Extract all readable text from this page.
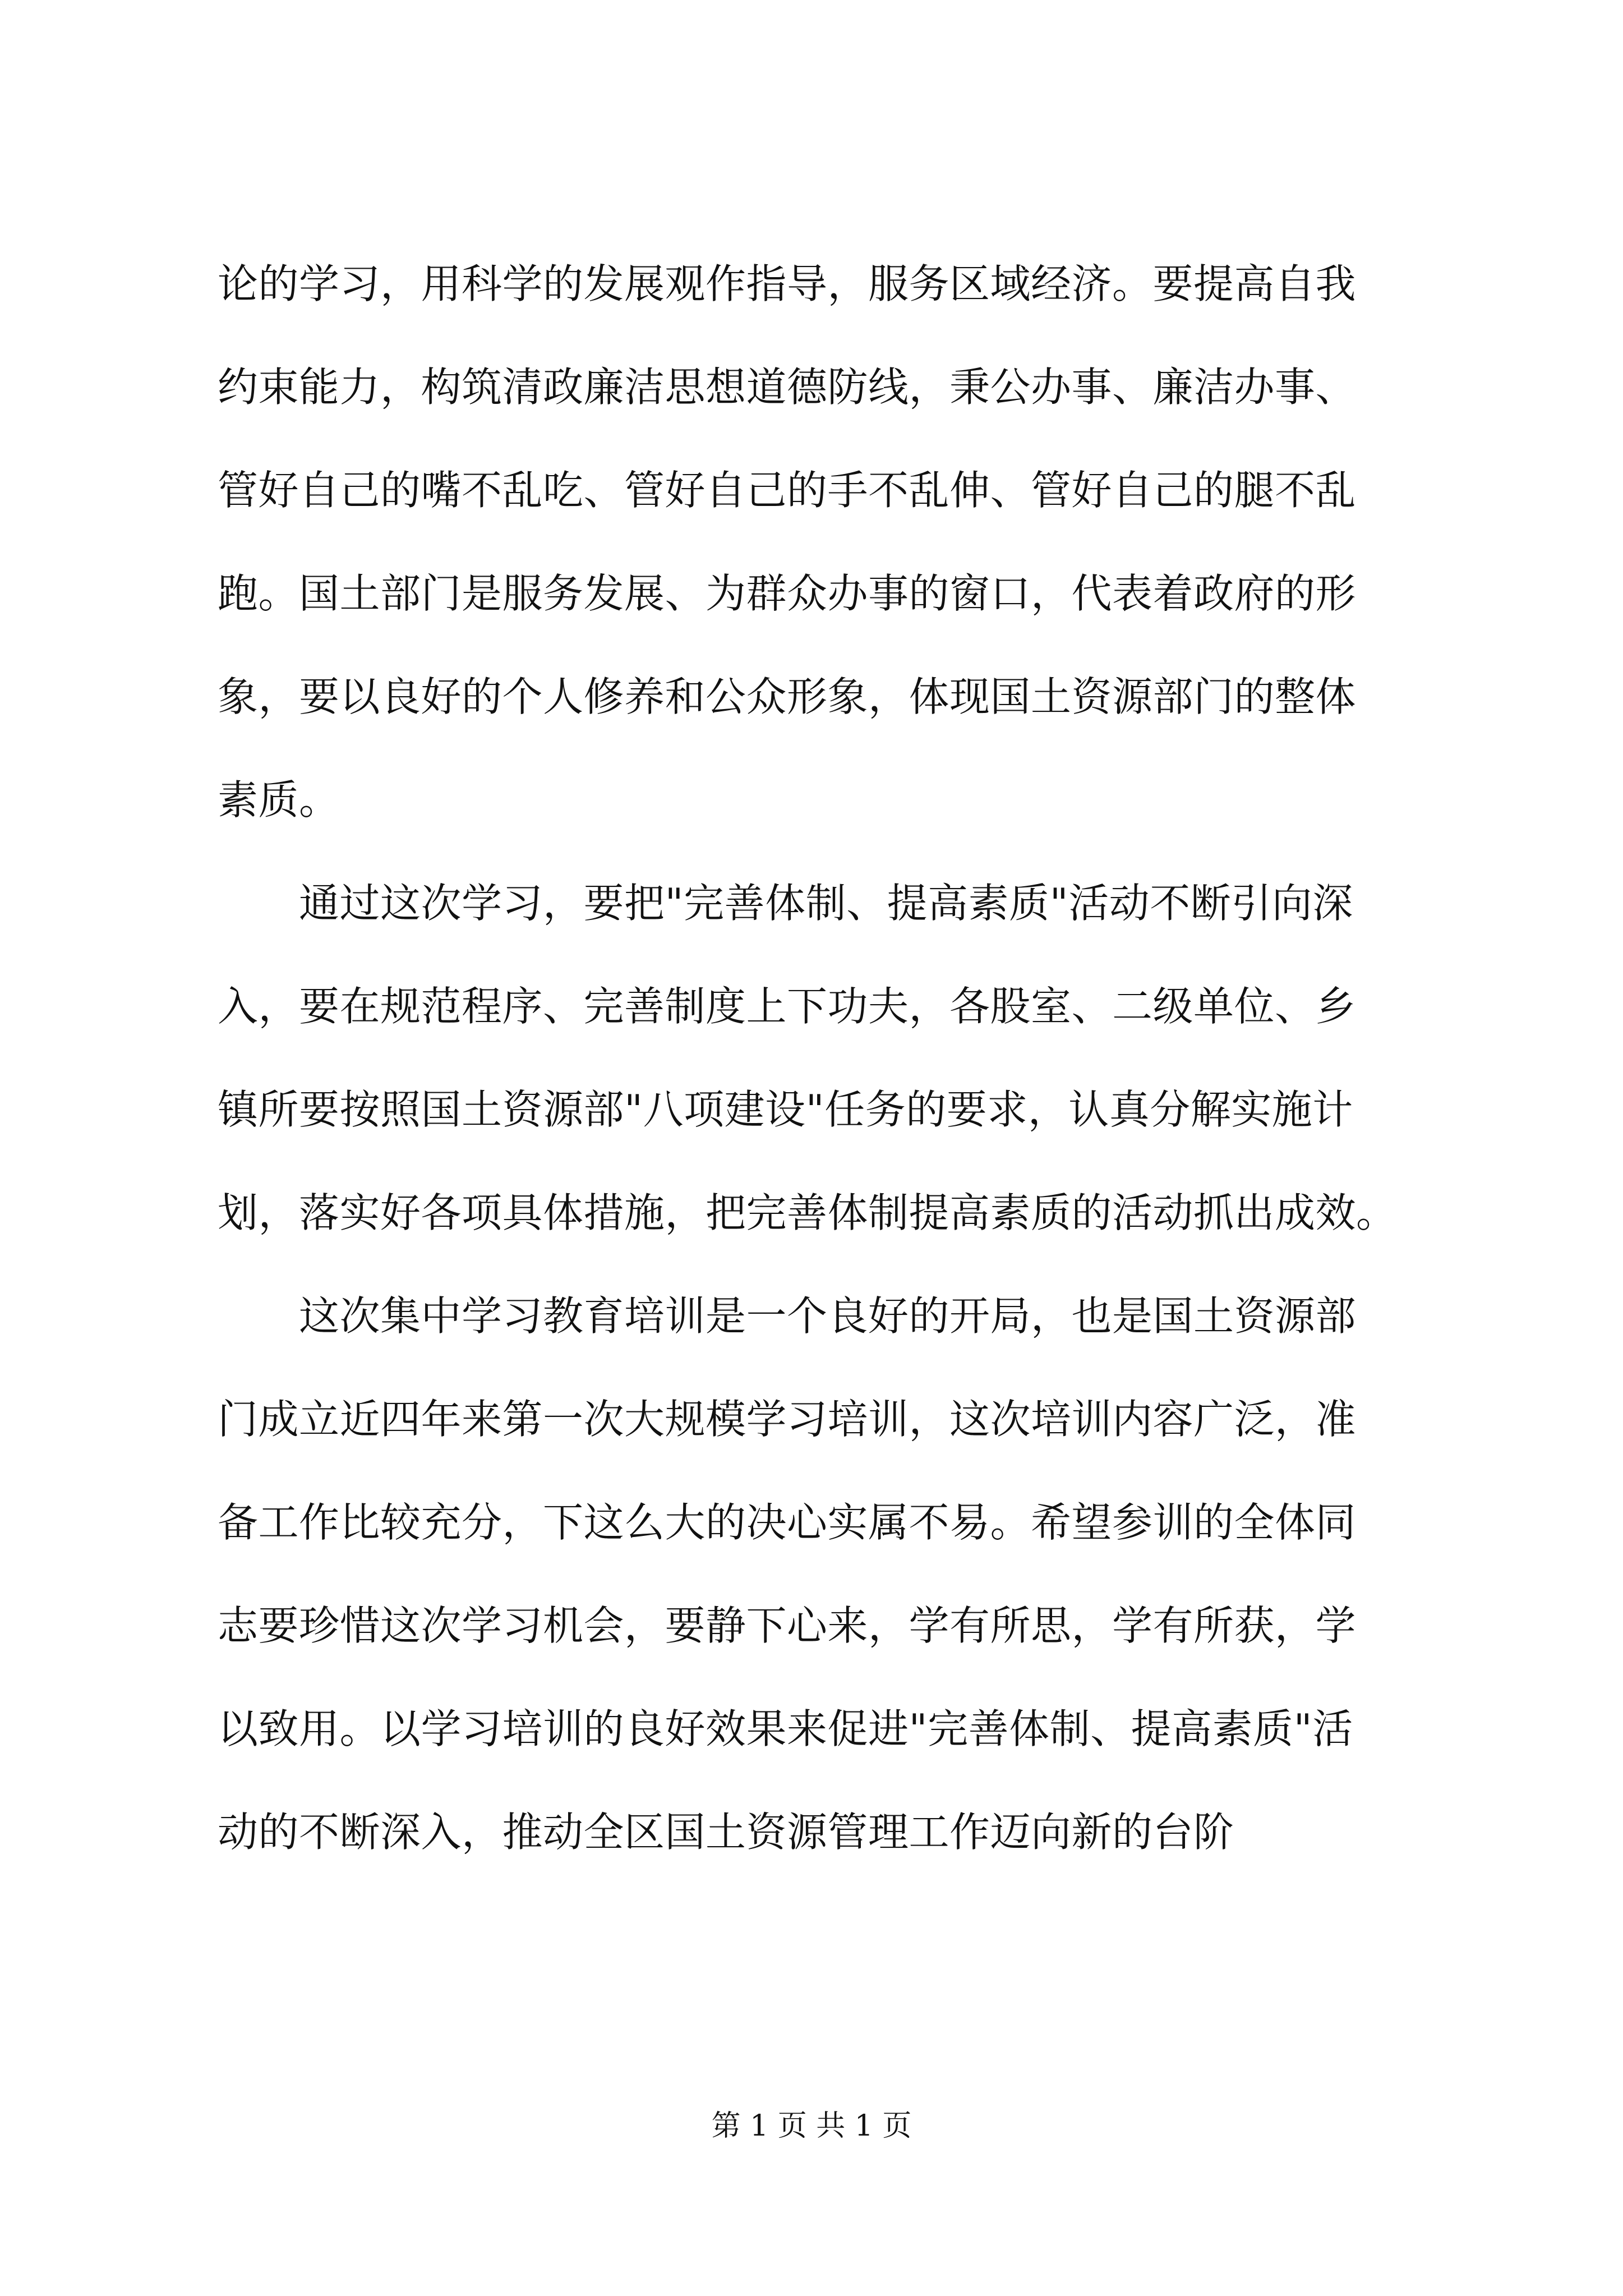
论的学习，用科学的发展观作指导，服务区域经济。要提高自我
约束能力，构筑清政廉洁思想道德防线，秉公办事、廉洁办事、
管好自己的嘴不乱吃、管好自己的手不乱伸、管好自己的腿不乱
跑。国土部门是服务发展、为群众办事的窗口，代表着政府的形
象，要以良好的个人修养和公众形象，体现国土资源部门的整体
素质。
　　通过这次学习，要把"完善体制、提高素质"活动不断引向深
入，要在规范程序、完善制度上下功夫，各股室、二级单位、乡
镇所要按照国土资源部"八项建设"任务的要求，认真分解实施计
划，落实好各项具体措施，把完善体制提高素质的活动抓出成效。
　　这次集中学习教育培训是一个良好的开局，也是国土资源部
门成立近四年来第一次大规模学习培训，这次培训内容广泛，准
备工作比较充分，下这么大的决心实属不易。希望参训的全体同
志要珍惜这次学习机会，要静下心来，学有所思，学有所获，学
以致用。以学习培训的良好效果来促进"完善体制、提高素质"活
动的不断深入，推动全区国土资源管理工作迈向新的台阶
第 1 页 共 1 页
